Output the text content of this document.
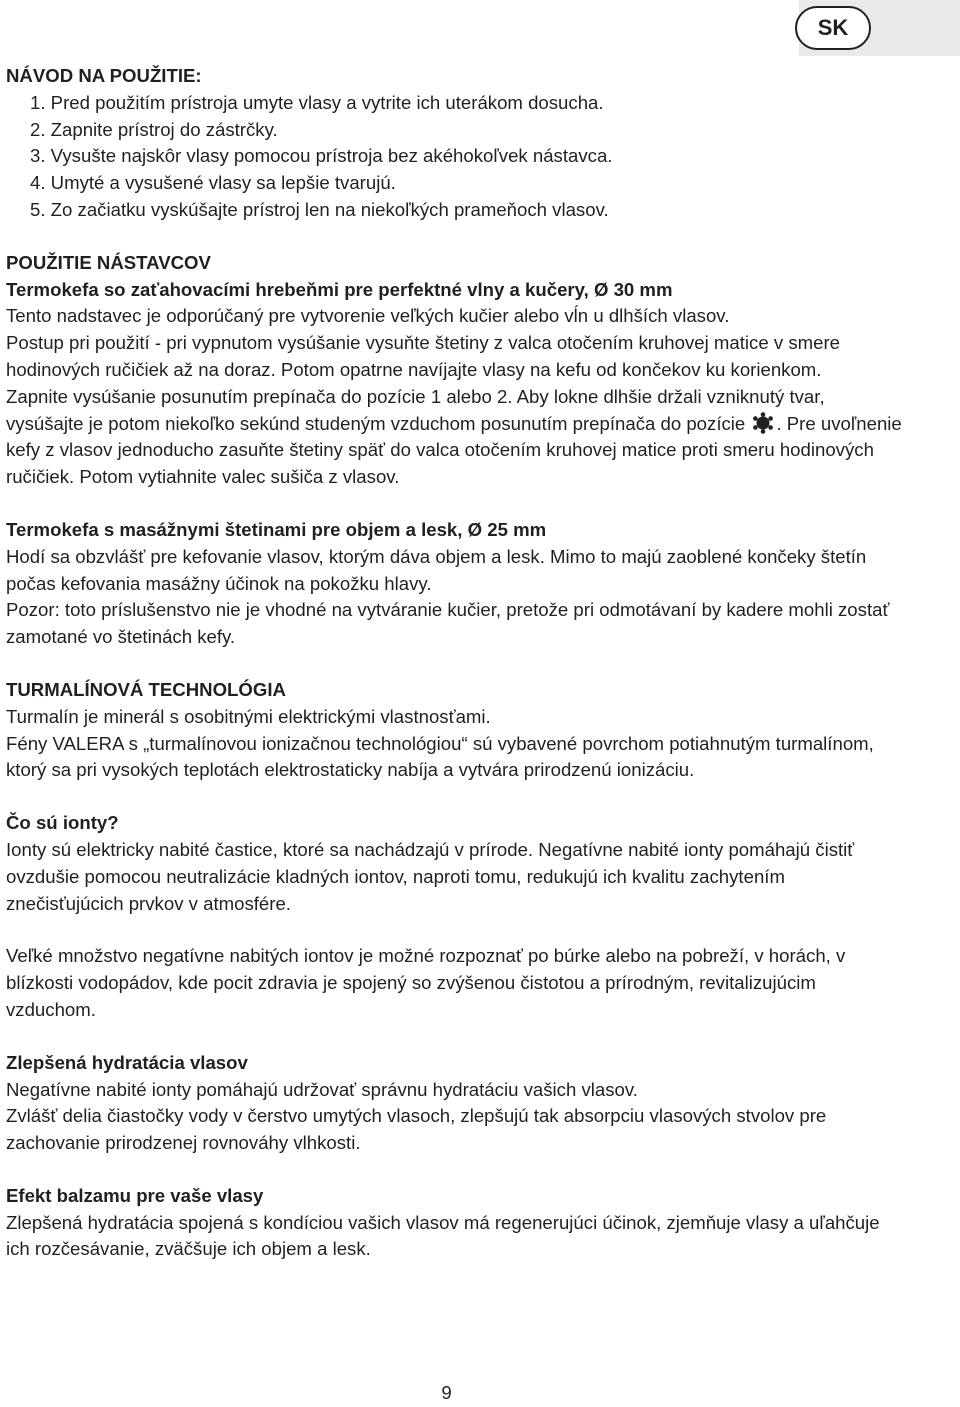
SK

NÁVOD NA POUŽITIE:

1. Pred použitím prístroja umyte vlasy a vytrite ich uterákom dosucha.
2. Zapnite prístroj do zástrčky.
3. Vysušte najskôr vlasy pomocou prístroja bez akéhokoľvek nástavca.
4. Umyté a vysušené vlasy sa lepšie tvarujú.
5. Zo začiatku vyskúšajte prístroj len na niekoľkých prameňoch vlasov.

POUŽITIE NÁSTAVCOV

Termokefa so zaťahovacími hrebeňmi pre perfektné vlny a kučery, Ø 30 mm

Tento nadstavec je odporúčaný pre vytvorenie veľkých kučier alebo vĺn u dlhších vlasov.

Postup pri použití - pri vypnutom vysúšanie vysuňte štetiny z valca otočením kruhovej matice v smere hodinových ručičiek až na doraz. Potom opatrne navíjajte vlasy na kefu od končekov ku korienkom.

Zapnite vysúšanie posunutím prepínača do pozície 1 alebo 2. Aby lokne dlhšie držali vzniknutý tvar, vysúšajte je potom niekoľko sekúnd studeným vzduchom posunutím prepínača do pozície . Pre uvoľnenie kefy z vlasov jednoducho zasuňte štetiny späť do valca otočením kruhovej matice proti smeru hodinových ručičiek. Potom vytiahnite valec sušiča z vlasov.

Termokefa s masážnymi štetinami pre objem a lesk, Ø 25 mm

Hodí sa obzvlášť pre kefovanie vlasov, ktorým dáva objem a lesk. Mimo to majú zaoblené končeky štetín počas kefovania masážny účinok na pokožku hlavy.

Pozor: toto príslušenstvo nie je vhodné na vytváranie kučier, pretože pri odmotávaní by kadere mohli zostať zamotané vo štetinách kefy.

TURMALÍNOVÁ TECHNOLÓGIA

Turmalín je minerál s osobitnými elektrickými vlastnosťami.

Fény VALERA s „turmalínovou ionizačnou technológiou“ sú vybavené povrchom potiahnutým turmalínom, ktorý sa pri vysokých teplotách elektrostaticky nabíja a vytvára prirodzenú ionizáciu.

Čo sú ionty?

Ionty sú elektricky nabité častice, ktoré sa nachádzajú v prírode. Negatívne nabité ionty pomáhajú čistiť ovzdušie pomocou neutralizácie kladných iontov, naproti tomu, redukujú ich kvalitu zachytením znečisťujúcich prvkov v atmosfére.

Veľké množstvo negatívne nabitých iontov je možné rozpoznať po búrke alebo na pobreží, v horách, v blízkosti vodopádov, kde pocit zdravia je spojený so zvýšenou čistotou a prírodným, revitalizujúcim vzduchom.

Zlepšená hydratácia vlasov

Negatívne nabité ionty pomáhajú udržovať správnu hydratáciu vašich vlasov.

Zvlášť delia čiastočky vody v čerstvo umytých vlasoch, zlepšujú tak absorpciu vlasových stvolov pre zachovanie prirodzenej rovnováhy vlhkosti.

Efekt balzamu pre vaše vlasy

Zlepšená hydratácia spojená s kondíciou vašich vlasov má regenerujúci účinok, zjemňuje vlasy a uľahčuje ich rozčesávanie, zväčšuje ich objem a lesk.

9
